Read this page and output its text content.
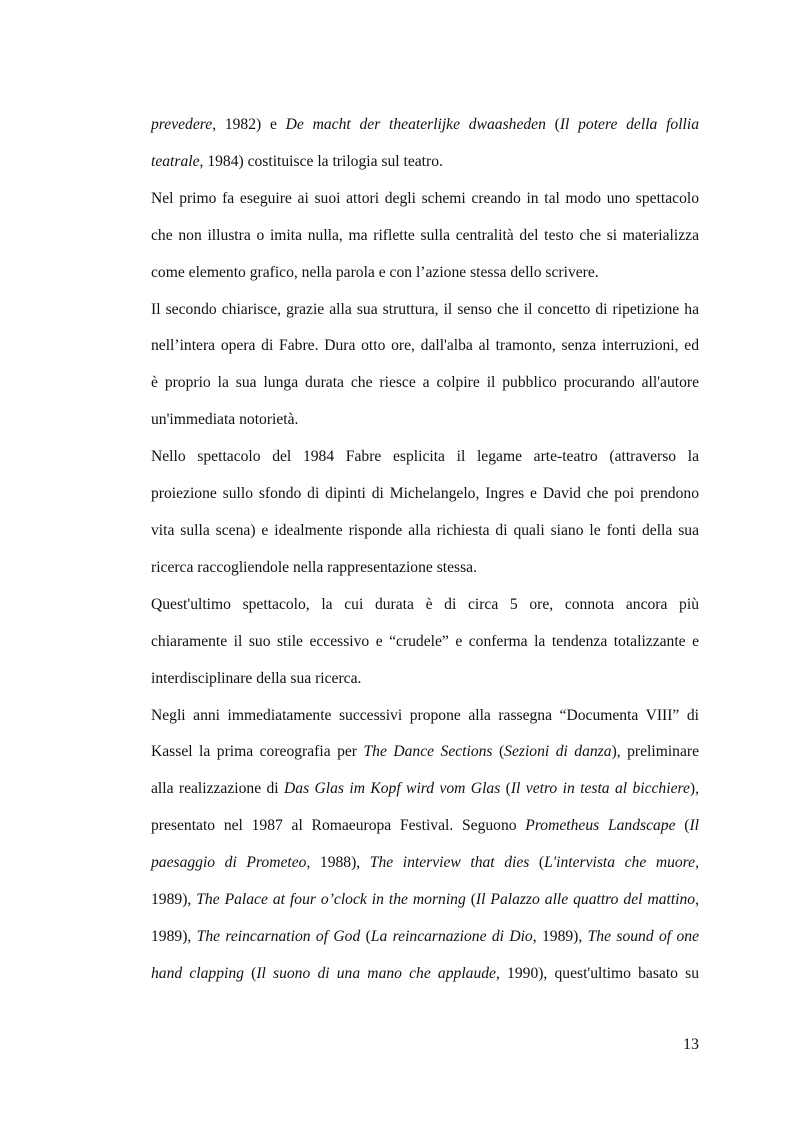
prevedere, 1982) e De macht der theaterlijke dwaasheden (Il potere della follia
teatrale, 1984) costituisce la trilogia sul teatro.

Nel primo fa eseguire ai suoi attori degli schemi creando in tal modo uno spettacolo
che non illustra o imita nulla, ma riflette sulla centralità del testo che si materializza
come elemento grafico, nella parola e con l’azione stessa dello scrivere.

Il secondo chiarisce, grazie alla sua struttura, il senso che il concetto di ripetizione ha
nell’intera opera di Fabre. Dura otto ore, dall'alba al tramonto, senza interruzioni, ed
è proprio la sua lunga durata che riesce a colpire il pubblico procurando all'autore
un'immediata notorietà.

Nello spettacolo del 1984 Fabre esplicita il legame arte-teatro (attraverso la
proiezione sullo sfondo di dipinti di Michelangelo, Ingres e David che poi prendono
vita sulla scena) e idealmente risponde alla richiesta di quali siano le fonti della sua
ricerca raccogliendole nella rappresentazione stessa.

Quest'ultimo spettacolo, la cui durata è di circa 5 ore, connota ancora più
chiaramente il suo stile eccessivo e “crudele” e conferma la tendenza totalizzante e
interdisciplinare della sua ricerca.

Negli anni immediatamente successivi propone alla rassegna “Documenta VIII” di
Kassel la prima coreografia per The Dance Sections (Sezioni di danza), preliminare
alla realizzazione di Das Glas im Kopf wird vom Glas (Il vetro in testa al bicchiere),
presentato nel 1987 al Romaeuropa Festival. Seguono Prometheus Landscape (Il
paesaggio di Prometeo, 1988), The interview that dies (L'intervista che muore,
1989), The Palace at four o’clock in the morning (Il Palazzo alle quattro del mattino,
1989), The reincarnation of God (La reincarnazione di Dio, 1989), The sound of one
hand clapping (Il suono di una mano che applaude, 1990), quest'ultimo basato su

13
